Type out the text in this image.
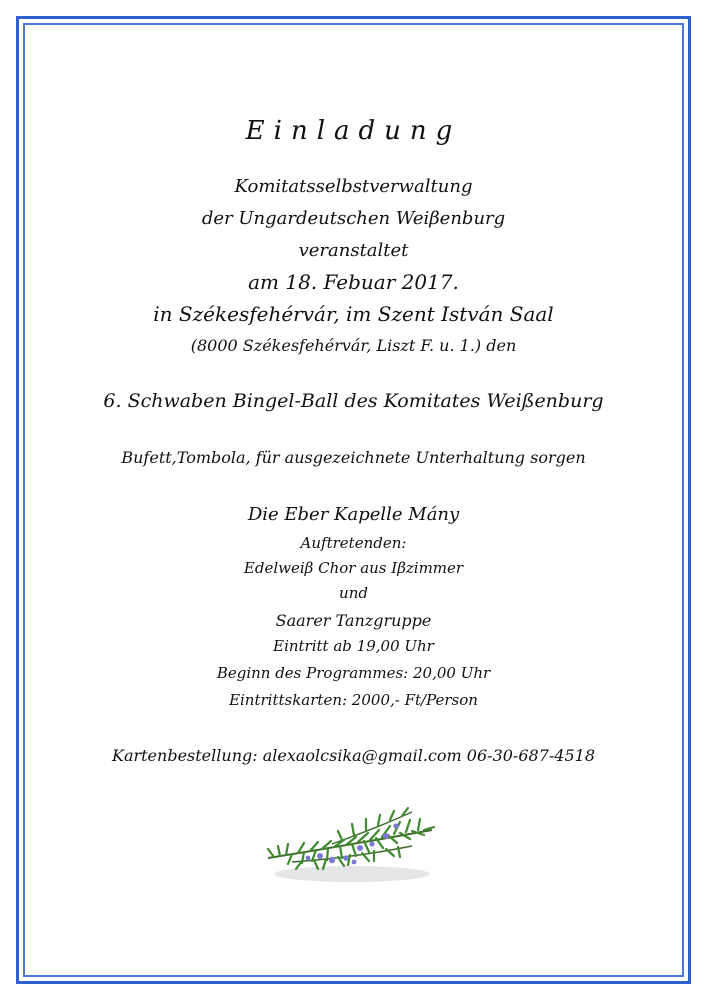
Einladung
Komitatsselbstverwaltung
der Ungardeutschen Weiβenburg
veranstaltet
am 18. Febuar 2017.
in Székesfehérvár, im Szent István Saal
(8000 Székesfehérvár, Liszt F. u. 1.) den
6. Schwaben Bingel-Ball des Komitates Weißenburg
Bufett,Tombola, für ausgezeichnete Unterhaltung sorgen
Die Eber Kapelle Mány
Auftretenden:
Edelweiβ Chor aus Iβzimmer
und
Saarer Tanzgruppe
Eintritt ab 19,00 Uhr
Beginn des Programmes: 20,00 Uhr
Eintrittskarten: 2000,- Ft/Person
Kartenbestellung: alexaolcsika@gmail.com 06-30-687-4518
